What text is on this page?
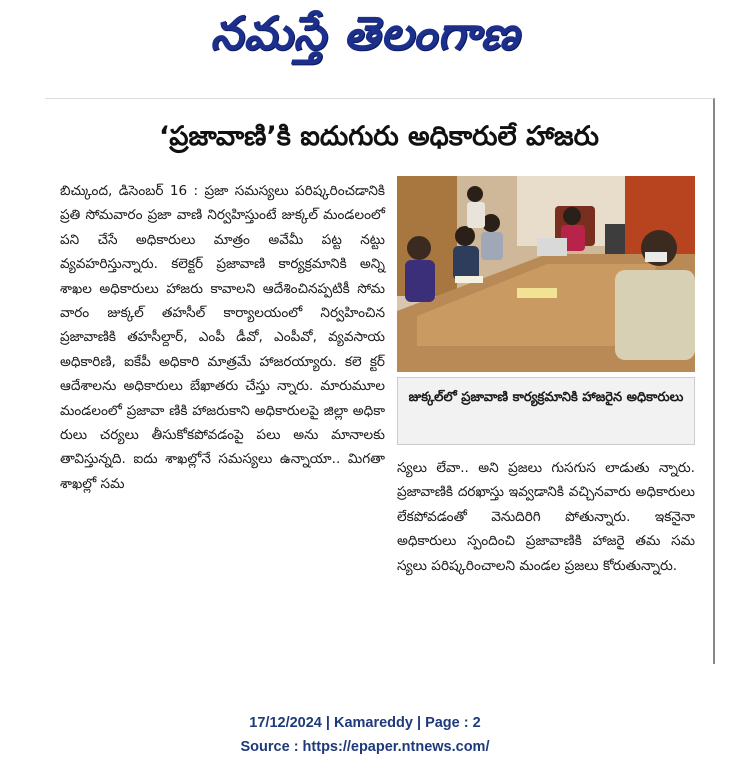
నమస్తే తెలంగాణ
‘ప్రజావాణి’కి ఐదుగురు అధికారులే హాజరు
బిచ్కుంద, డిసెంబర్ 16 : ప్రజా సమస్యలు పరిష్కరించడానికి ప్రతి సోమవారం ప్రజా వాణి నిర్వహిస్తుంటే జుక్కల్ మండలంలో పని చేసే అధికారులు మాత్రం అవేమీ పట్ట నట్టు వ్యవహరిస్తున్నారు. కలెక్టర్ ప్రజావాణి కార్యక్రమానికి అన్ని శాఖల అధికారులు హాజరు కావాలని ఆదేశించినప్పటికీ సోమ వారం జుక్కల్ తహసీల్ కార్యాలయంలో నిర్వహించిన ప్రజావాణికి తహసీల్దార్, ఎంపీ డీవో, ఎంపీవో, వ్యవసాయ అధికారిణి, ఐకేపీ అధికారి మాత్రమే హాజరయ్యారు. కలె క్టర్ ఆదేశాలను అధికారులు బేఖాతరు చేస్తు న్నారు. మారుమూల మండలంలో ప్రజావా ణికి హాజరుకాని అధికారులపై జిల్లా అధికా రులు చర్యలు తీసుకోకపోవడంపై పలు అను మానాలకు తావిస్తున్నది. ఐదు శాఖల్లోనే సమస్యలు ఉన్నాయా.. మిగతా శాఖల్లో సమ
జుక్కల్‌లో ప్రజావాణి కార్యక్రమానికి హాజరైన అధికారులు
స్యలు లేవా.. అని ప్రజలు గుసగుస లాడుతు న్నారు. ప్రజావాణికి దరఖాస్తు ఇవ్వడానికి వచ్చినవారు అధికారులు లేకపోవడంతో వెనుదిరిగి పోతున్నారు. ఇకనైనా అధికారులు స్పందించి ప్రజావాణికి హాజరై తమ సమ స్యలు పరిష్కరించాలని మండల ప్రజలు కోరుతున్నారు.
17/12/2024 | Kamareddy | Page : 2
Source : https://epaper.ntnews.com/
